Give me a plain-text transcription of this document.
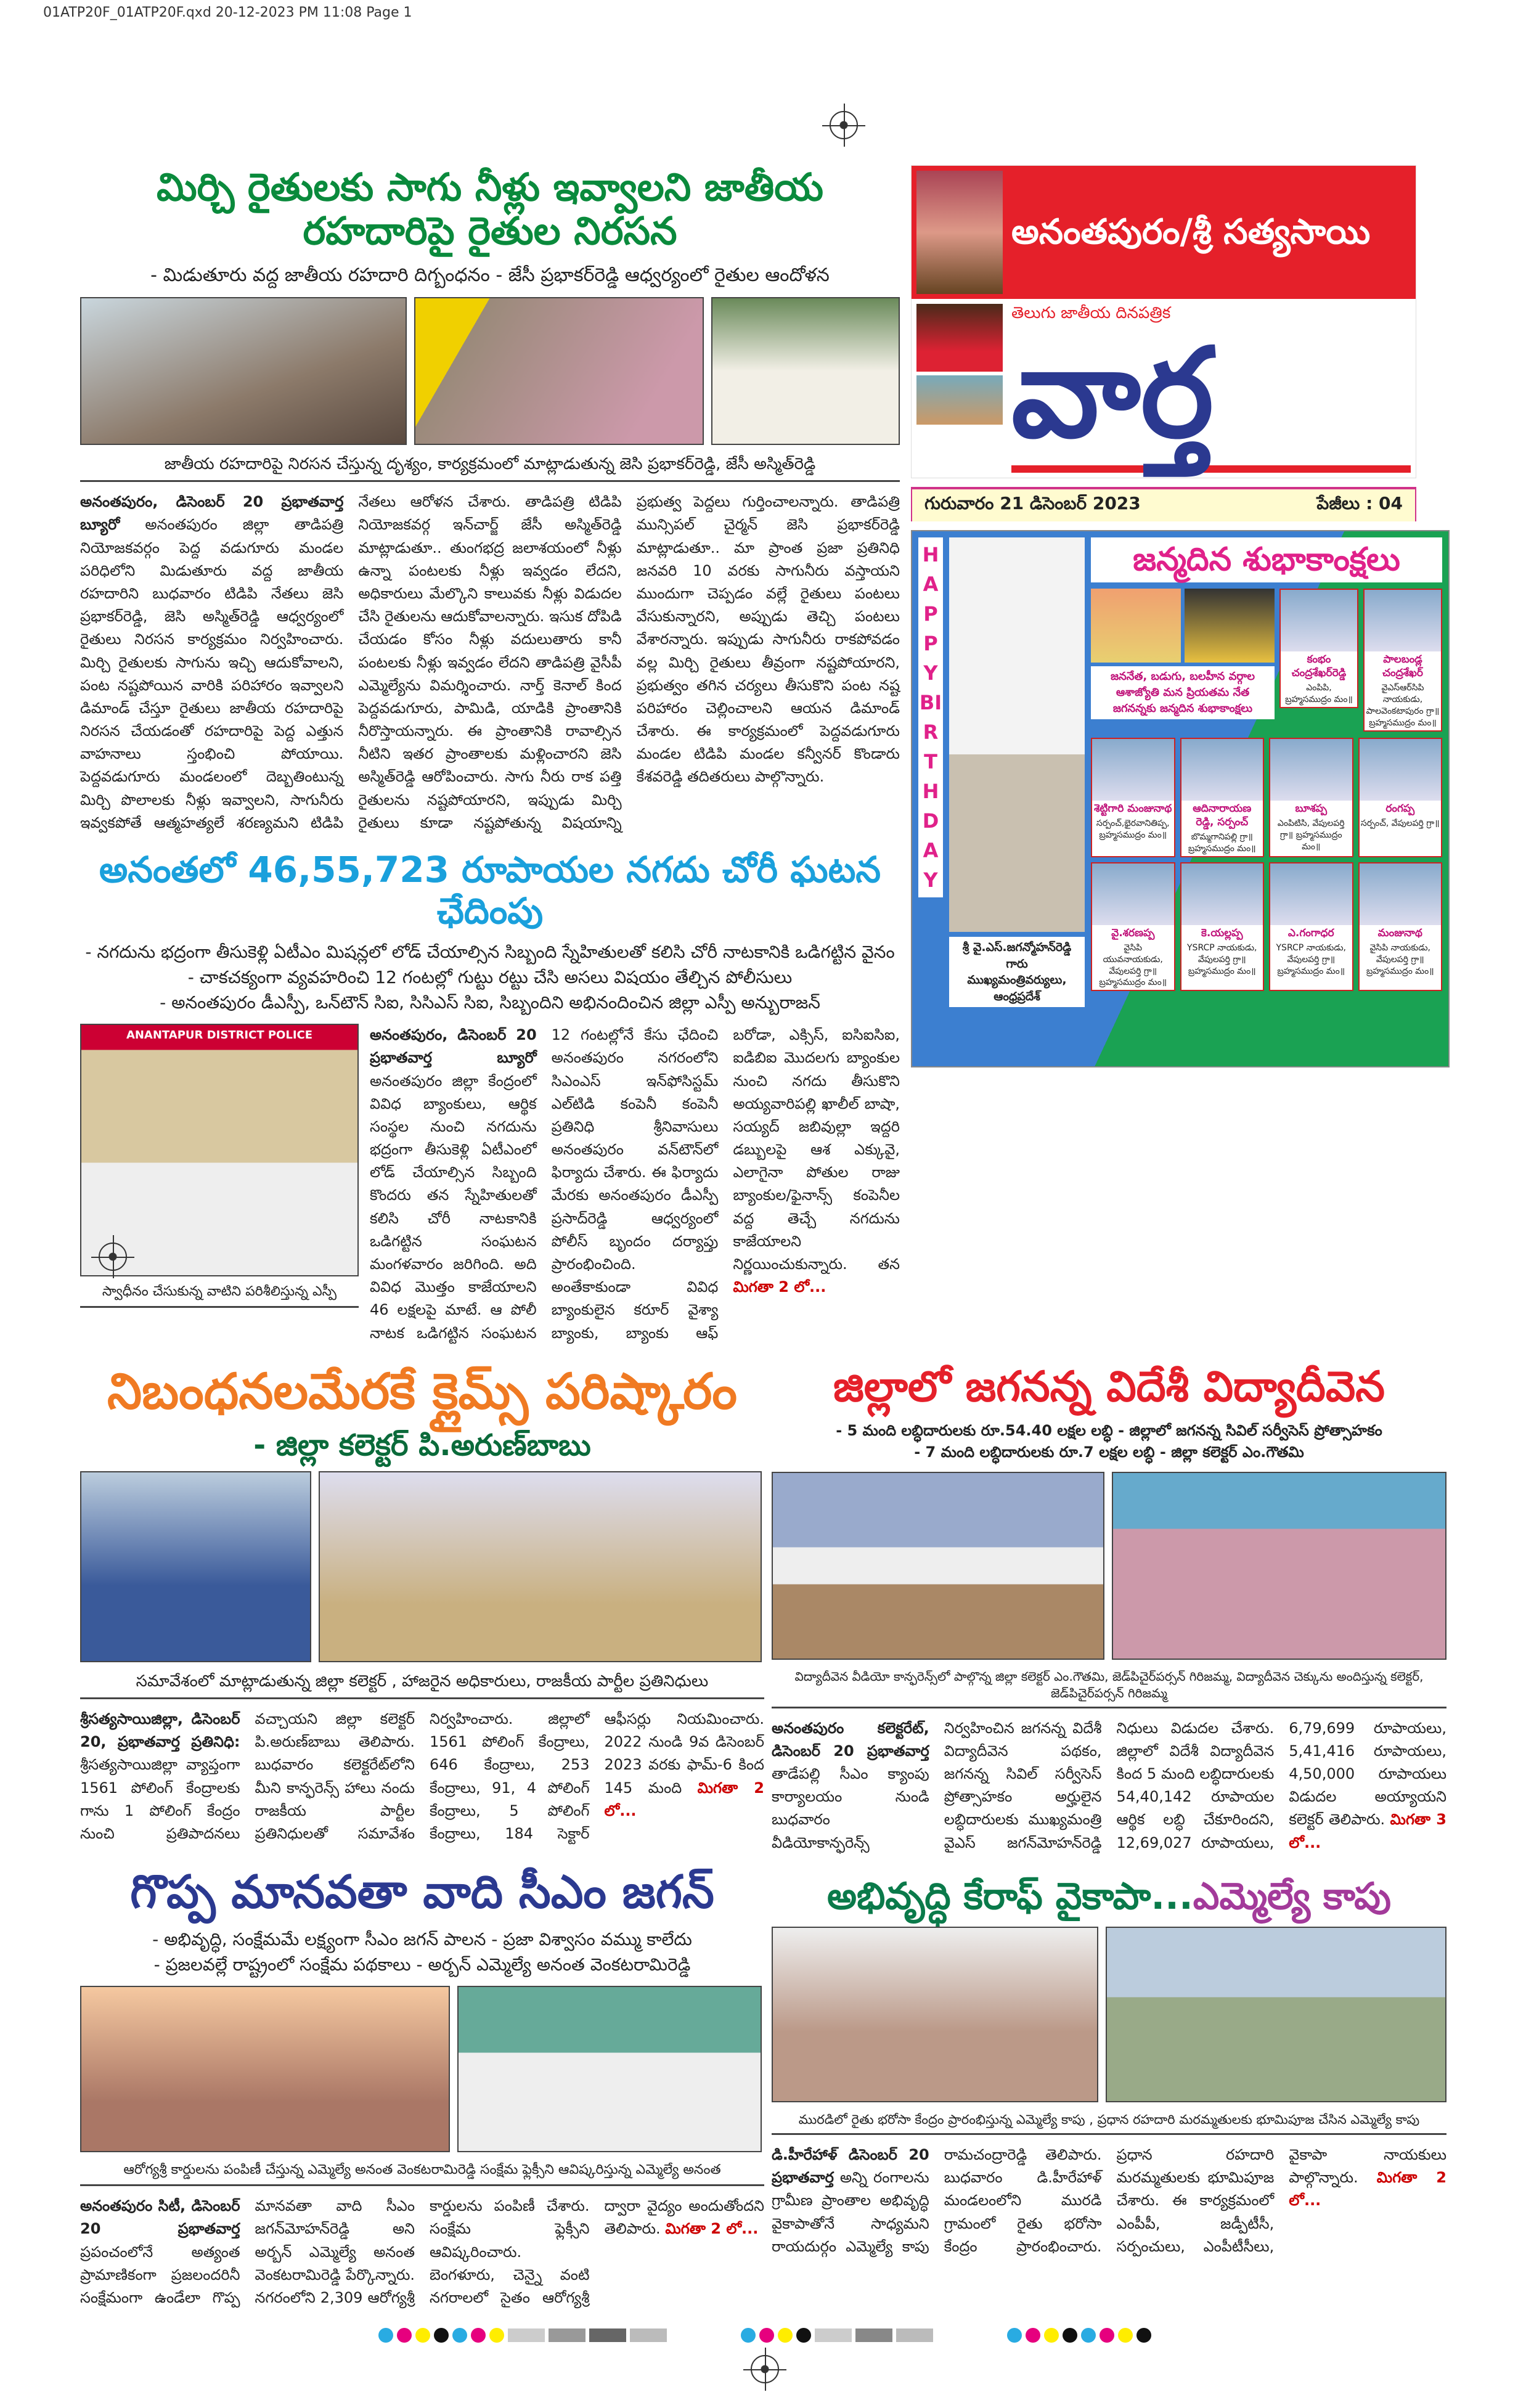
01ATP20F_01ATP20F.qxd 20-12-2023 PM 11:08 Page 1
మిర్చి రైతులకు సాగు నీళ్లు ఇవ్వాలని జాతీయ రహదారిపై రైతుల నిరసన
- మిడుతూరు వద్ద జాతీయ రహదారి దిగ్బంధనం - జేసీ ప్రభాకర్‌రెడ్డి ఆధ్వర్యంలో రైతుల ఆందోళన
జాతీయ రహదారిపై నిరసన చేస్తున్న దృశ్యం, కార్యక్రమంలో మాట్లాడుతున్న జెసి ప్రభాకర్‌రెడ్డి, జేసీ అస్మిత్‌రెడ్డి
అనంతపురం, డిసెంబర్ 20 ప్రభాతవార్త బ్యూరో అనంతపురం జిల్లా తాడిపత్రి నియోజకవర్గం పెద్ద వడుగూరు మండల పరిధిలోని మిడుతూరు వద్ద జాతీయ రహదారిని బుధవారం టిడిపి నేతలు జెసి ప్రభాకర్‌రెడ్డి, జెసి అస్మిత్‌రెడ్డి ఆధ్వర్యంలో రైతులు నిరసన కార్యక్రమం నిర్వహించారు. మిర్చి రైతులకు సాగును ఇచ్చి ఆదుకోవాలని, పంట నష్టపోయిన వారికి పరిహారం ఇవ్వాలని డిమాండ్ చేస్తూ రైతులు జాతీయ రహదారిపై నిరసన చేయడంతో రహదారిపై పెద్ద ఎత్తున వాహనాలు స్తంభించి పోయాయి. పెద్దవడుగూరు మండలంలో దెబ్బతింటున్న మిర్చి పొలాలకు నీళ్లు ఇవ్వాలని, సాగునీరు ఇవ్వకపోతే ఆత్మహత్యలే శరణ్యమని టిడిపి నేతలు ఆరోళన చేశారు. తాడిపత్రి టిడిపి నియోజకవర్గ ఇన్‌చార్జ్ జేసీ అస్మిత్‌రెడ్డి మాట్లాడుతూ.. తుంగభద్ర జలాశయంలో నీళ్లు ఉన్నా పంటలకు నీళ్లు ఇవ్వడం లేదని, అధికారులు మేల్కొని కాలువకు నీళ్లు విడుదల చేసి రైతులను ఆదుకోవాలన్నారు. ఇసుక దోపిడి చేయడం కోసం నీళ్లు వదులుతారు కానీ పంటలకు నీళ్లు ఇవ్వడం లేదని తాడిపత్రి వైసీపీ ఎమ్మెల్యేను విమర్శించారు. నార్త్ కెనాల్ కింద పెద్దవడుగూరు, పామిడి, యాడికి ప్రాంతానికి నీరొస్తాయన్నారు. ఈ ప్రాంతానికి రావాల్సిన నీటిని ఇతర ప్రాంతాలకు మళ్లించారని జెసి అస్మిత్‌రెడ్డి ఆరోపించారు. సాగు నీరు రాక పత్తి రైతులను నష్టపోయారని, ఇప్పుడు మిర్చి రైతులు కూడా నష్టపోతున్న విషయాన్ని ప్రభుత్వ పెద్దలు గుర్తించాలన్నారు. తాడిపత్రి మున్సిపల్ చైర్మన్ జెసి ప్రభాకర్‌రెడ్డి మాట్లాడుతూ.. మా ప్రాంత ప్రజా ప్రతినిధి జనవరి 10 వరకు సాగునీరు వస్తాయని ముందుగా చెప్పడం వల్లే రైతులు పంటలు వేసుకున్నారని, అప్పుడు తెచ్చి పంటలు వేశారన్నారు. ఇప్పుడు సాగునీరు రాకపోవడం వల్ల మిర్చి రైతులు తీవ్రంగా నష్టపోయారని, ప్రభుత్వం తగిన చర్యలు తీసుకొని పంట నష్ట పరిహారం చెల్లించాలని ఆయన డిమాండ్ చేశారు. ఈ కార్యక్రమంలో పెద్దవడుగూరు మండల టిడిపి మండల కన్వీనర్ కొండారు కేశవరెడ్డి తదితరులు పాల్గొన్నారు.
అనంతలో 46,55,723 రూపాయల నగదు చోరీ ఘటన ఛేదింపు
- నగదును భద్రంగా తీసుకెళ్లి ఏటీఎం మిషన్లలో లోడ్ చేయాల్సిన సిబ్బంది స్నేహితులతో కలిసి చోరీ నాటకానికి ఒడిగట్టిన వైనం
- చాకచక్యంగా వ్యవహరించి 12 గంటల్లో గుట్టు రట్టు చేసి అసలు విషయం తేల్చిన పోలీసులు
- అనంతపురం డీఎస్పీ, ఒన్‌టౌన్ సిఐ, సిసిఎస్ సిఐ, సిబ్బందిని అభినందించిన జిల్లా ఎస్పీ అన్బురాజన్
ANANTAPUR DISTRICT POLICE
స్వాధీనం చేసుకున్న వాటిని పరిశీలిస్తున్న ఎస్పీ
అనంతపురం, డిసెంబర్ 20 ప్రభాతవార్త బ్యూరో అనంతపురం జిల్లా కేంద్రంలో వివిధ బ్యాంకులు, ఆర్థిక సంస్థల నుంచి నగదును భద్రంగా తీసుకెళ్లి ఏటీఎంలో లోడ్ చేయాల్సిన సిబ్బంది కొందరు తన స్నేహితులతో కలిసి చోరీ నాటకానికి ఒడిగట్టిన సంఘటన మంగళవారం జరిగింది. అది వివిధ మొత్తం కాజేయాలని 46 లక్షలపై మాటే. ఆ పోలీ నాటక ఒడిగట్టిన సంఘటన 12 గంటల్లోనే కేసు ఛేదించి అనంతపురం నగరంలోని సిఎంఎస్ ఇన్‌ఫోసిస్టమ్ ఎల్‌టిడి కంపెనీ కంపెనీ ప్రతినిధి శ్రీనివాసులు అనంతపురం వన్‌టౌన్‌లో ఫిర్యాదు చేశారు. ఈ ఫిర్యాదు మేరకు అనంతపురం డీఎస్పీ ప్రసాద్‌రెడ్డి ఆధ్వర్యంలో పోలీస్ బృందం దర్యాప్తు ప్రారంభించింది. అంతేకాకుండా వివిధ బ్యాంకులైన కరూర్ వైశ్యా బ్యాంకు, బ్యాంకు ఆఫ్ బరోడా, ఎక్సిస్, ఐసిఐసిఐ, ఐడిబిఐ మొదలగు బ్యాంకుల నుంచి నగదు తీసుకొని అయ్యవారిపల్లి ఖాలీల్ బాషా, సయ్యద్ జబివుల్లా ఇద్దరి డబ్బులపై ఆశ ఎక్కువై, ఎలాగైనా పోతుల రాజు బ్యాంకుల/ఫైనాన్స్ కంపెనీల వద్ద తెచ్చే నగదును కాజేయాలని నిర్ణయించుకున్నారు. తన మిగతా 2 లో...
అనంతపురం/శ్రీ సత్యసాయి
తెలుగు జాతీయ దినపత్రిక
వార్త
గురువారం 21 డిసెంబర్ 2023	పేజీలు : 04
HAPPY BIRTHDAY
శ్రీ వై.ఎస్.జగన్మోహన్‌రెడ్డి గారు
ముఖ్యమంత్రివర్యులు, ఆంధ్రప్రదేశ్
జన్మదిన శుభాకాంక్షలు
జననేత, బడుగు, బలహీన వర్గాల ఆశాజ్యోతి మన ప్రియతమ నేత జగనన్నకు జన్మదిన శుభాకాంక్షలు
కంభం చంద్రశేఖర్‌రెడ్డి
ఎంపిపి, బ్రహ్మసముద్రం మం॥
పాలబండ్ల చంద్రశేఖర్
వైఎస్ఆర్‌సిపి నాయకుడు, పాలవెంకటాపురం గ్రా॥ బ్రహ్మసముద్రం మం॥
శెట్టిగారి మంజునాథ
సర్పంచ్,భైరవానితిప్ప, బ్రహ్మసముద్రం మం॥
ఆదినారాయణ రెడ్డి, సర్పంచ్
బొమ్మగానిపల్లి గ్రా॥ బ్రహ్మసముద్రం మం॥
బూశప్ప
ఎంపిటిసి, వేపులపర్తి గ్రా॥ బ్రహ్మసముద్రం మం॥
రంగప్ప
సర్పంచ్, వేపులపర్తి గ్రా॥
వై.శరణప్ప
వైసిపి యువనాయకుడు, వేపులపర్తి గ్రా॥ బ్రహ్మసముద్రం మం॥
కె.యల్లప్ప
YSRCP నాయకుడు, వేపులపర్తి గ్రా॥ బ్రహ్మసముద్రం మం॥
ఎ.గంగాధర
YSRCP నాయకుడు, వేపులపర్తి గ్రా॥ బ్రహ్మసముద్రం మం॥
మంజునాథ
వైసిపి నాయకుడు, వేపులపర్తి గ్రా॥ బ్రహ్మసముద్రం మం॥
నిబంధనలమేరకే క్లైమ్స్ పరిష్కారం
- జిల్లా కలెక్టర్ పి.అరుణ్‌బాబు
సమావేశంలో మాట్లాడుతున్న జిల్లా కలెక్టర్ , హాజరైన అధికారులు, రాజకీయ పార్టీల ప్రతినిధులు
శ్రీసత్యసాయిజిల్లా, డిసెంబర్ 20, ప్రభాతవార్త ప్రతినిధి: శ్రీసత్యసాయిజిల్లా వ్యాప్తంగా 1561 పోలింగ్ కేంద్రాలకు గాను 1 పోలింగ్ కేంద్రం నుంచి ప్రతిపాదనలు వచ్చాయని జిల్లా కలెక్టర్ పి.అరుణ్‌బాబు తెలిపారు. బుధవారం కలెక్టరేట్‌లోని మీని కాన్ఫరెన్స్ హాలు నందు రాజకీయ పార్టీల ప్రతినిధులతో సమావేశం నిర్వహించారు. జిల్లాలో 1561 పోలింగ్ కేంద్రాలు, 646 కేంద్రాలు, 253 కేంద్రాలు, 91, 4 పోలింగ్ కేంద్రాలు, 5 పోలింగ్ కేంద్రాలు, 184 సెక్టార్ ఆఫీసర్లు నియమించారు. 2022 నుండి 9వ డిసెంబర్ 2023 వరకు ఫామ్-6 కింద 145 మంది మిగతా 2 లో...
గొప్ప మానవతా వాది సీఎం జగన్
- అభివృద్ధి, సంక్షేమమే లక్ష్యంగా సీఎం జగన్ పాలన - ప్రజా విశ్వాసం వమ్ము కాలేదు
- ప్రజలవల్లే రాష్ట్రంలో సంక్షేమ పథకాలు - అర్బన్ ఎమ్మెల్యే అనంత వెంకటరామిరెడ్డి
ఆరోగ్యశ్రీ కార్డులను పంపిణీ చేస్తున్న ఎమ్మెల్యే అనంత వెంకటరామిరెడ్డి సంక్షేమ ఫ్లెక్సీని ఆవిష్కరిస్తున్న ఎమ్మెల్యే అనంత
అనంతపురం సిటీ, డిసెంబర్ 20 ప్రభాతవార్త ప్రపంచంలోనే అత్యంత ప్రామాణికంగా ప్రజలందరినీ సంక్షేమంగా ఉండేలా గొప్ప మానవతా వాది సీఎం జగన్‌మోహన్‌రెడ్డి అని అర్బన్ ఎమ్మెల్యే అనంత వెంకటరామిరెడ్డి పేర్కొన్నారు. నగరంలోని 2,309 ఆరోగ్యశ్రీ కార్డులను పంపిణీ చేశారు. సంక్షేమ ఫ్లెక్సీని ఆవిష్కరించారు. బెంగళూరు, చెన్నై వంటి నగరాలలో సైతం ఆరోగ్యశ్రీ ద్వారా వైద్యం అందుతోందని తెలిపారు. మిగతా 2 లో...
జిల్లాలో జగనన్న విదేశీ విద్యాదీవెన
- 5 మంది లబ్ధిదారులకు రూ.54.40 లక్షల లబ్ధి - జిల్లాలో జగనన్న సివిల్ సర్వీసెస్ ప్రోత్సాహకం
- 7 మంది లబ్ధిదారులకు రూ.7 లక్షల లబ్ధి - జిల్లా కలెక్టర్ ఎం.గౌతమి
విద్యాదీవెన వీడియో కాన్ఫరెన్స్‌లో పాల్గొన్న జిల్లా కలెక్టర్ ఎం.గౌతమి, జెడ్‌పిచైర్‌పర్సన్ గిరిజమ్మ, విద్యాదీవెన చెక్కును అందిస్తున్న కలెక్టర్, జెడ్‌పిచైర్‌పర్సన్ గిరిజమ్మ
అనంతపురం కలెక్టరేట్, డిసెంబర్ 20 ప్రభాతవార్త తాడేపల్లి సీఎం క్యాంపు కార్యాలయం నుండి బుధవారం వీడియోకాన్ఫరెన్స్ నిర్వహించిన జగనన్న విదేశీ విద్యాదీవెన పథకం, జగనన్న సివిల్ సర్వీసెస్ ప్రోత్సాహకం అర్హులైన లబ్ధిదారులకు ముఖ్యమంత్రి వైఎస్ జగన్‌మోహన్‌రెడ్డి నిధులు విడుదల చేశారు. జిల్లాలో విదేశీ విద్యాదీవెన కింద 5 మంది లబ్ధిదారులకు 54,40,142 రూపాయల ఆర్థిక లబ్ధి చేకూరిందని, 12,69,027 రూపాయలు, 6,79,699 రూపాయలు, 5,41,416 రూపాయలు, 4,50,000 రూపాయలు విడుదల అయ్యాయని కలెక్టర్ తెలిపారు. మిగతా 3 లో...
అభివృద్ధి కేరాఫ్ వైకాపా...ఎమ్మెల్యే కాపు
మురడిలో రైతు భరోసా కేంద్రం ప్రారంభిస్తున్న ఎమ్మెల్యే కాపు , ప్రధాన రహదారి మరమ్మతులకు భూమిపూజ చేసిన ఎమ్మెల్యే కాపు
డి.హీరేహాళ్ డిసెంబర్ 20 ప్రభాతవార్త అన్ని రంగాలను గ్రామీణ ప్రాంతాల అభివృద్ధి వైకాపాతోనే సాధ్యమని రాయదుర్గం ఎమ్మెల్యే కాపు రామచంద్రారెడ్డి తెలిపారు. బుధవారం డి.హీరేహాళ్ మండలంలోని మురడి గ్రామంలో రైతు భరోసా కేంద్రం ప్రారంభించారు. ప్రధాన రహదారి మరమ్మతులకు భూమిపూజ చేశారు. ఈ కార్యక్రమంలో ఎంపీపీ, జడ్పీటీసీ, సర్పంచులు, ఎంపీటీసీలు, వైకాపా నాయకులు పాల్గొన్నారు. మిగతా 2 లో...
